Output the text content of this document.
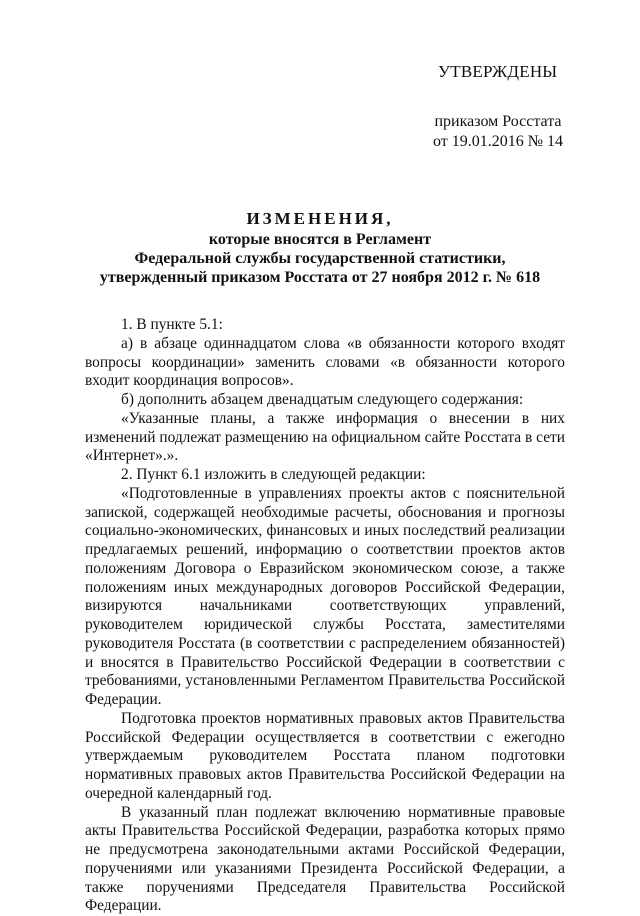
УТВЕРЖДЕНЫ
приказом Росстата
от 19.01.2016 № 14
ИЗМЕНЕНИЯ,
которые вносятся в Регламент
Федеральной службы государственной статистики,
утвержденный приказом Росстата от 27 ноября 2012 г. № 618

1. В пункте 5.1:

а) в абзаце одиннадцатом слова «в обязанности которого входят вопросы координации» заменить словами «в обязанности которого входит координация вопросов».

б) дополнить абзацем двенадцатым следующего содержания:

«Указанные планы, а также информация о внесении в них изменений подлежат размещению на официальном сайте Росстата в сети «Интернет».».

2. Пункт 6.1 изложить в следующей редакции:

«Подготовленные в управлениях проекты актов с пояснительной запиской, содержащей необходимые расчеты, обоснования и прогнозы социально-экономических, финансовых и иных последствий реализации предлагаемых решений, информацию о соответствии проектов актов положениям Договора о Евразийском экономическом союзе, а также положениям иных международных договоров Российской Федерации, визируются начальниками соответствующих управлений, руководителем юридической службы Росстата, заместителями руководителя Росстата (в соответствии с распределением обязанностей) и вносятся в Правительство Российской Федерации в соответствии с требованиями, установленными Регламентом Правительства Российской Федерации.

Подготовка проектов нормативных правовых актов Правительства Российской Федерации осуществляется в соответствии с ежегодно утверждаемым руководителем Росстата планом подготовки нормативных правовых актов Правительства Российской Федерации на очередной календарный год.

В указанный план подлежат включению нормативные правовые акты Правительства Российской Федерации, разработка которых прямо не предусмотрена законодательными актами Российской Федерации, поручениями или указаниями Президента Российской Федерации, а также поручениями Председателя Правительства Российской Федерации.
